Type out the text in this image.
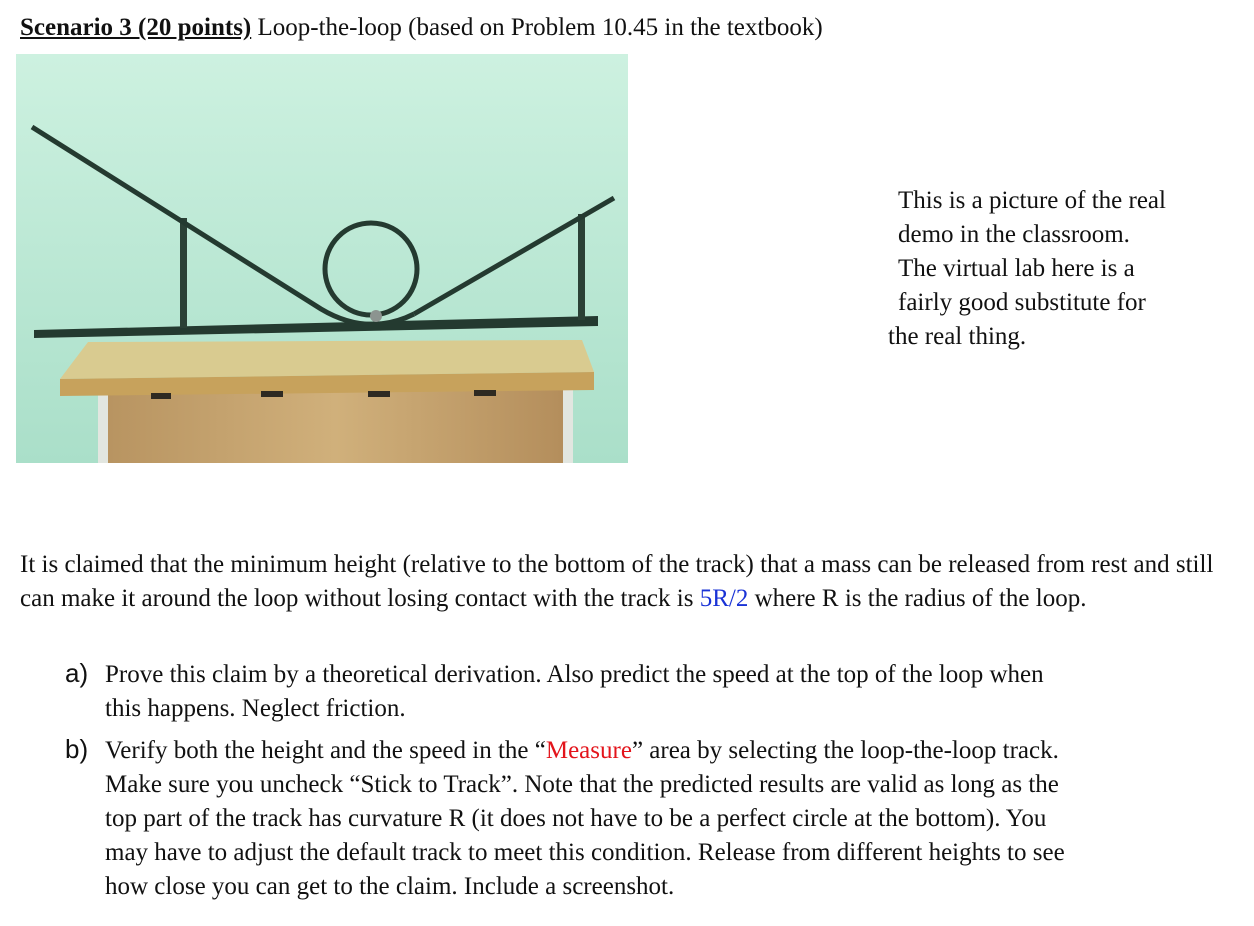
Scenario 3 (20 points) Loop-the-loop (based on Problem 10.45 in the textbook)
This is a picture of the real
demo in the classroom.
The virtual lab here is a
fairly good substitute for
the real thing.
It is claimed that the minimum height (relative to the bottom of the track) that a mass can be released from rest and still can make it around the loop without losing contact with the track is 5R/2 where R is the radius of the loop.
a) Prove this claim by a theoretical derivation. Also predict the speed at the top of the loop when
this happens. Neglect friction.
b) Verify both the height and the speed in the “Measure” area by selecting the loop-the-loop track.
Make sure you uncheck “Stick to Track”. Note that the predicted results are valid as long as the
top part of the track has curvature R (it does not have to be a perfect circle at the bottom). You
may have to adjust the default track to meet this condition. Release from different heights to see
how close you can get to the claim. Include a screenshot.
